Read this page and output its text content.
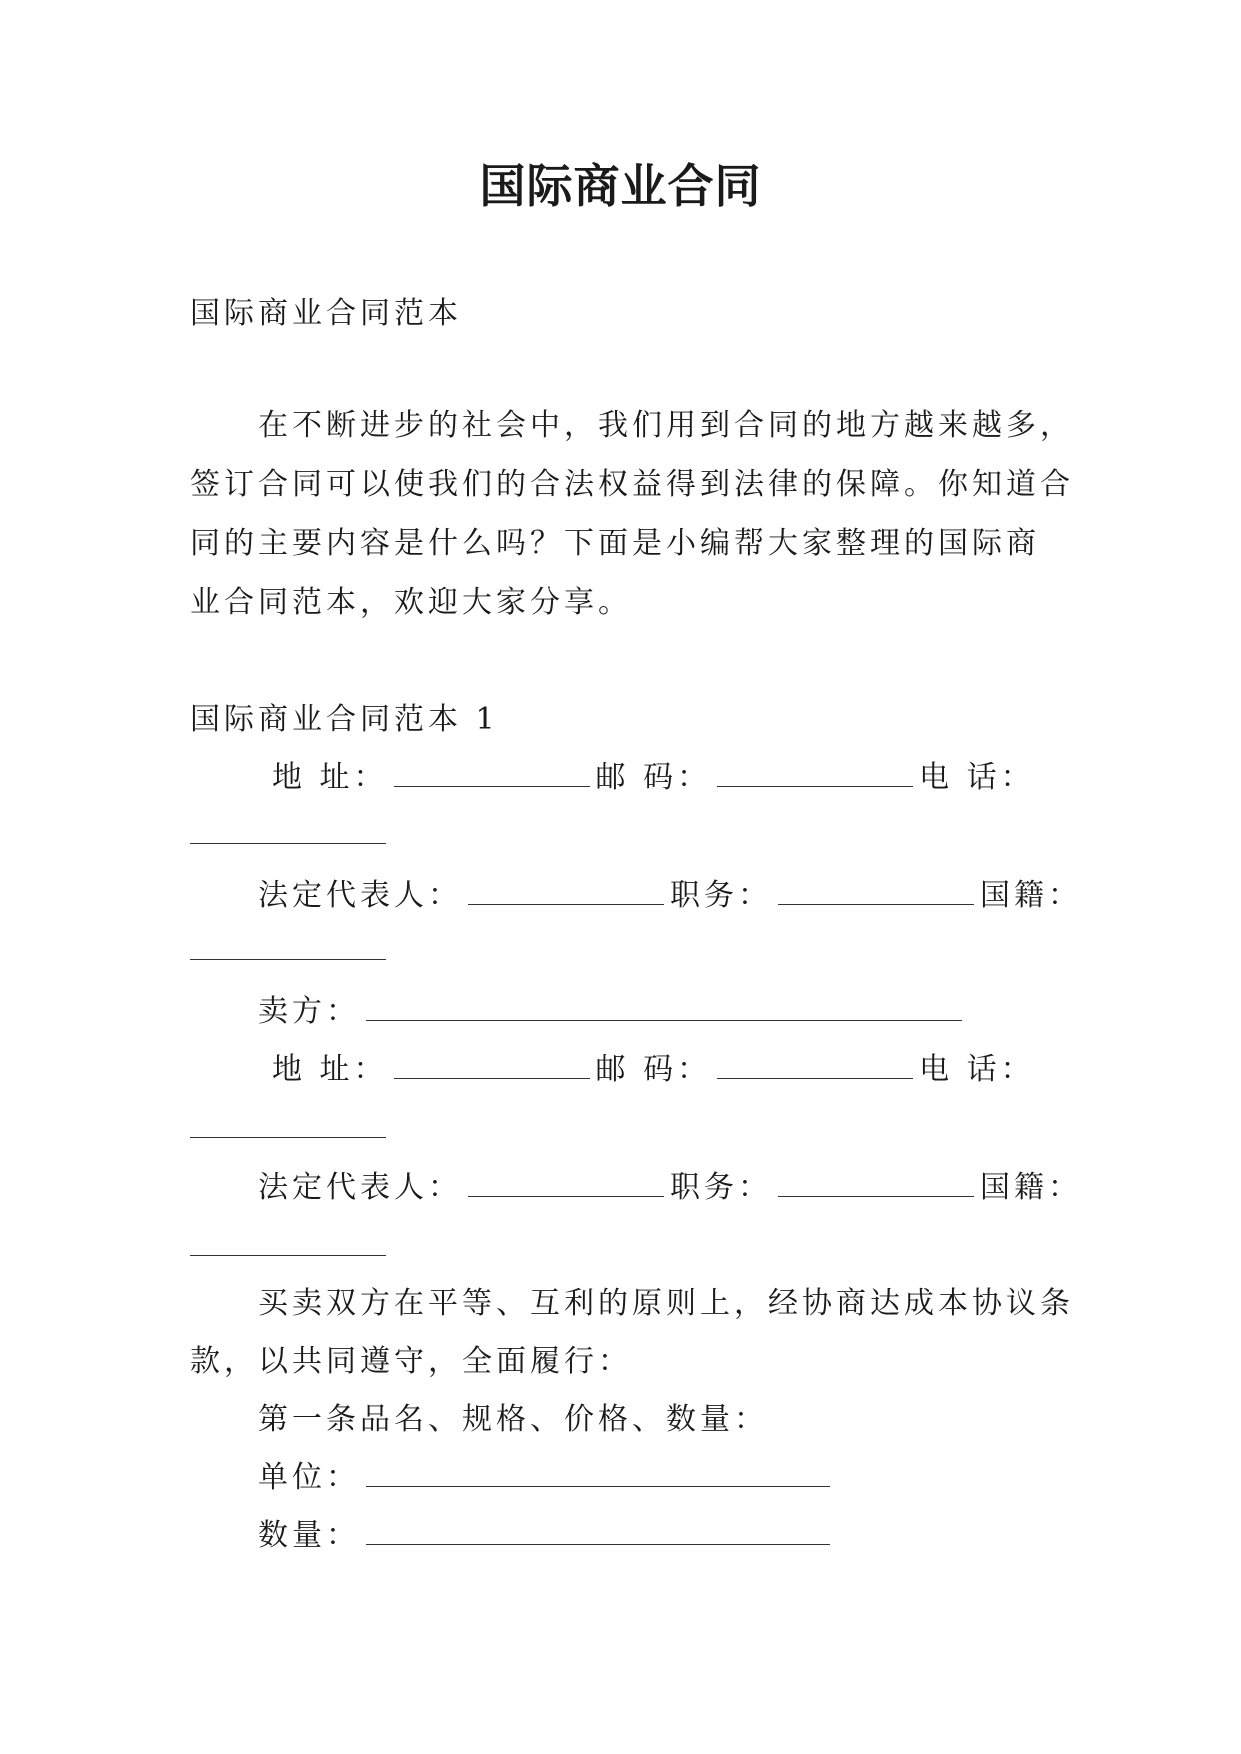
国际商业合同
国际商业合同范本
在不断进步的社会中，我们用到合同的地方越来越多，
签订合同可以使我们的合法权益得到法律的保障。你知道合
同的主要内容是什么吗？下面是小编帮大家整理的国际商
业合同范本，欢迎大家分享。
国际商业合同范本 1
地 址：	邮 码：	电 话：
法定代表人：	职务：	国籍：
卖方：
地 址：	邮 码：	电 话：
法定代表人：	职务：	国籍：
买卖双方在平等、互利的原则上，经协商达成本协议条
款，以共同遵守，全面履行：
第一条品名、规格、价格、数量：
单位：
数量：
